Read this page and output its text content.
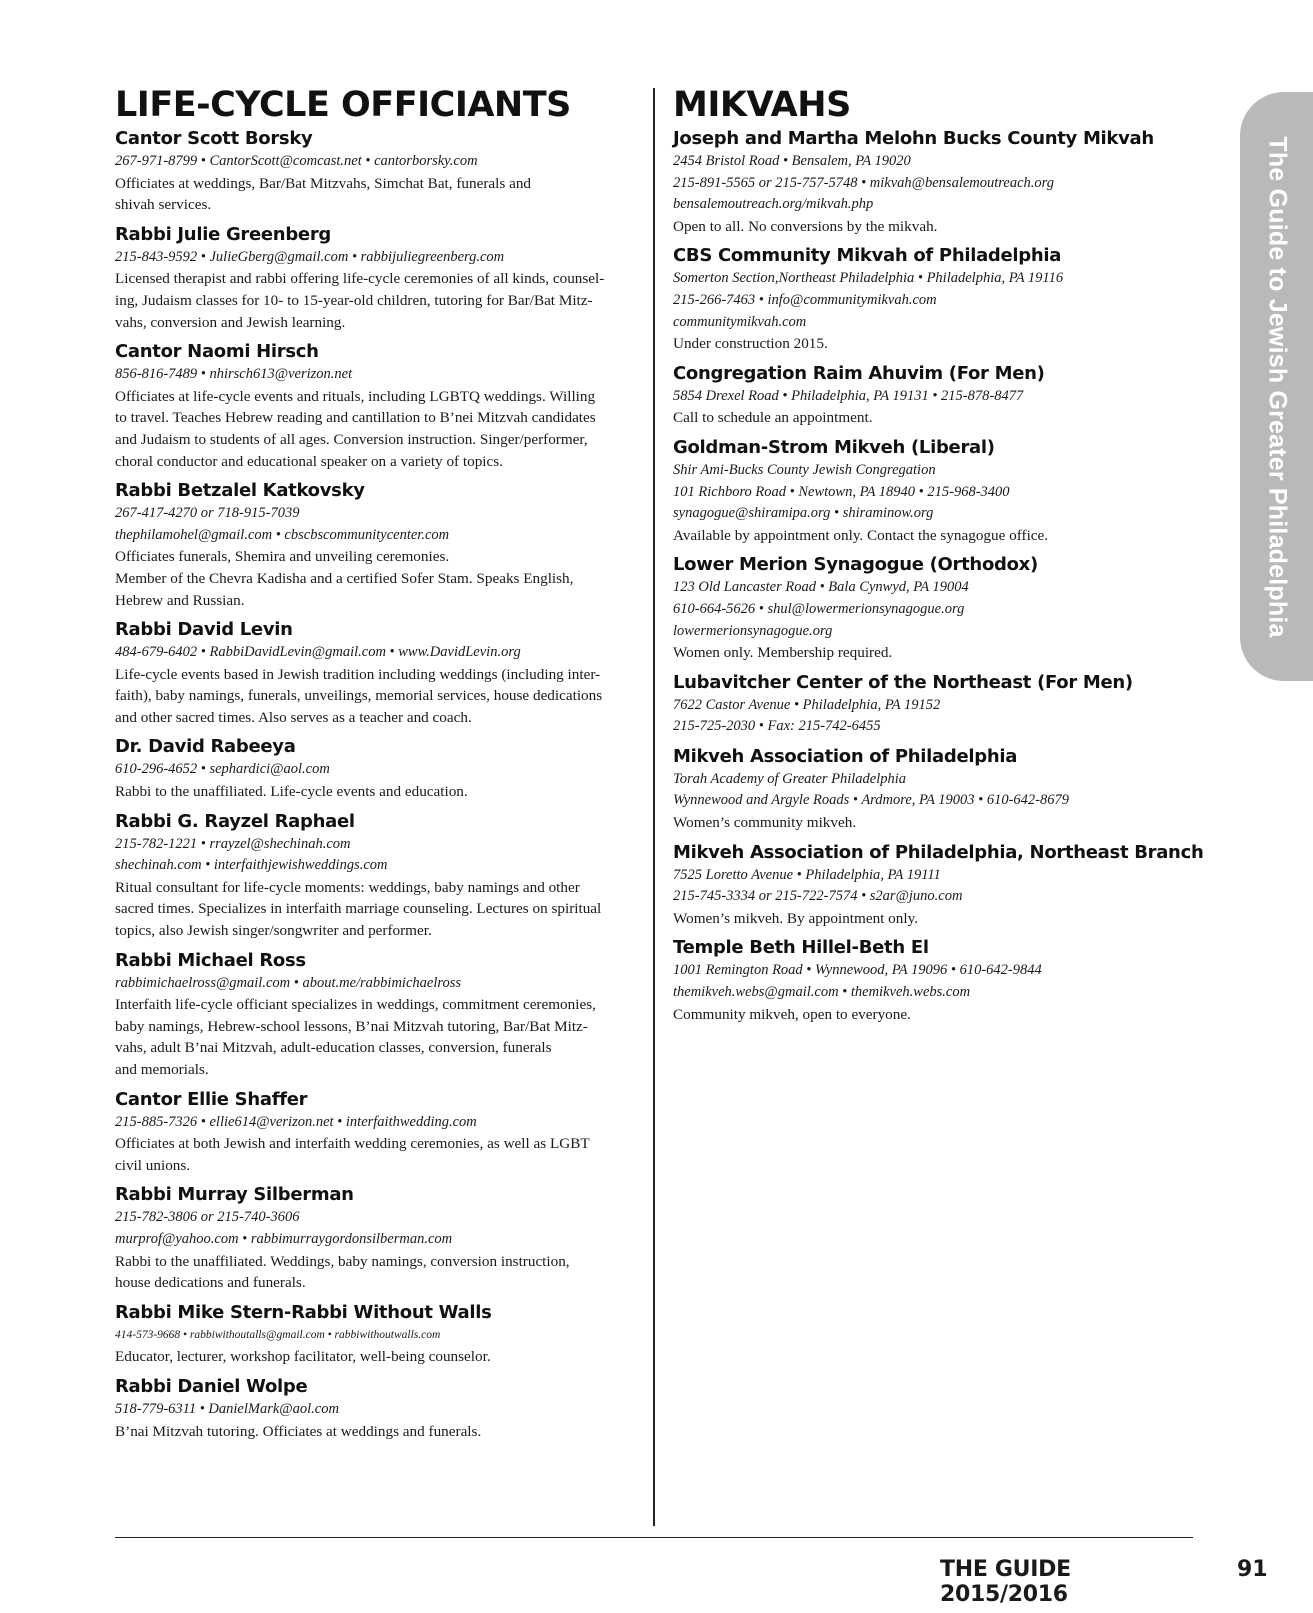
LIFE-CYCLE OFFICIANTS
Cantor Scott Borsky
267-971-8799 • CantorScott@comcast.net • cantorborsky.com
Officiates at weddings, Bar/Bat Mitzvahs, Simchat Bat, funerals and
shivah services.
Rabbi Julie Greenberg
215-843-9592 • JulieGberg@gmail.com • rabbijuliegreenberg.com
Licensed therapist and rabbi offering life-cycle ceremonies of all kinds, counsel-
ing, Judaism classes for 10- to 15-year-old children, tutoring for Bar/Bat Mitz-
vahs, conversion and Jewish learning.
Cantor Naomi Hirsch
856-816-7489 • nhirsch613@verizon.net
Officiates at life-cycle events and rituals, including LGBTQ weddings. Willing
to travel. Teaches Hebrew reading and cantillation to B’nei Mitzvah candidates
and Judaism to students of all ages. Conversion instruction. Singer/performer,
choral conductor and educational speaker on a variety of topics.
Rabbi Betzalel Katkovsky
267-417-4270 or 718-915-7039
thephilamohel@gmail.com • cbscbscommunitycenter.com
Officiates funerals, Shemira and unveiling ceremonies.
Member of the Chevra Kadisha and a certified Sofer Stam. Speaks English,
Hebrew and Russian.
Rabbi David Levin
484-679-6402 • RabbiDavidLevin@gmail.com • www.DavidLevin.org
Life-cycle events based in Jewish tradition including weddings (including inter-
faith), baby namings, funerals, unveilings, memorial services, house dedications
and other sacred times. Also serves as a teacher and coach.
Dr. David Rabeeya
610-296-4652 • sephardici@aol.com
Rabbi to the unaffiliated. Life-cycle events and education.
Rabbi G. Rayzel Raphael
215-782-1221 • rrayzel@shechinah.com
shechinah.com • interfaithjewishweddings.com
Ritual consultant for life-cycle moments: weddings, baby namings and other
sacred times. Specializes in interfaith marriage counseling. Lectures on spiritual
topics, also Jewish singer/songwriter and performer.
Rabbi Michael Ross
rabbimichaelross@gmail.com • about.me/rabbimichaelross
Interfaith life-cycle officiant specializes in weddings, commitment ceremonies,
baby namings, Hebrew-school lessons, B’nai Mitzvah tutoring, Bar/Bat Mitz-
vahs, adult B’nai Mitzvah, adult-education classes, conversion, funerals
and memorials.
Cantor Ellie Shaffer
215-885-7326 • ellie614@verizon.net • interfaithwedding.com
Officiates at both Jewish and interfaith wedding ceremonies, as well as LGBT
civil unions.
Rabbi Murray Silberman
215-782-3806 or 215-740-3606
murprof@yahoo.com • rabbimurraygordonsilberman.com
Rabbi to the unaffiliated. Weddings, baby namings, conversion instruction,
house dedications and funerals.
Rabbi Mike Stern-Rabbi Without Walls
414-573-9668 • rabbiwithoutalls@gmail.com • rabbiwithoutwalls.com
Educator, lecturer, workshop facilitator, well-being counselor.
Rabbi Daniel Wolpe
518-779-6311 • DanielMark@aol.com
B’nai Mitzvah tutoring. Officiates at weddings and funerals.
MIKVAHS
Joseph and Martha Melohn Bucks County Mikvah
2454 Bristol Road • Bensalem, PA 19020
215-891-5565 or 215-757-5748 • mikvah@bensalemoutreach.org
bensalemoutreach.org/mikvah.php
Open to all. No conversions by the mikvah.
CBS Community Mikvah of Philadelphia
Somerton Section,Northeast Philadelphia • Philadelphia, PA 19116
215-266-7463 • info@communitymikvah.com
communitymikvah.com
Under construction 2015.
Congregation Raim Ahuvim (For Men)
5854 Drexel Road • Philadelphia, PA 19131 • 215-878-8477
Call to schedule an appointment.
Goldman-Strom Mikveh (Liberal)
Shir Ami-Bucks County Jewish Congregation
101 Richboro Road • Newtown, PA 18940 • 215-968-3400
synagogue@shiramipa.org • shiraminow.org
Available by appointment only. Contact the synagogue office.
Lower Merion Synagogue (Orthodox)
123 Old Lancaster Road • Bala Cynwyd, PA 19004
610-664-5626 • shul@lowermerionsynagogue.org
lowermerionsynagogue.org
Women only. Membership required.
Lubavitcher Center of the Northeast (For Men)
7622 Castor Avenue • Philadelphia, PA 19152
215-725-2030 • Fax: 215-742-6455
Mikveh Association of Philadelphia
Torah Academy of Greater Philadelphia
Wynnewood and Argyle Roads • Ardmore, PA 19003 • 610-642-8679
Women’s community mikveh.
Mikveh Association of Philadelphia, Northeast Branch
7525 Loretto Avenue • Philadelphia, PA 19111
215-745-3334 or 215-722-7574 • s2ar@juno.com
Women’s mikveh. By appointment only.
Temple Beth Hillel-Beth El
1001 Remington Road • Wynnewood, PA 19096 • 610-642-9844
themikveh.webs@gmail.com • themikveh.webs.com
Community mikveh, open to everyone.
The Guide to Jewish Greater Philadelphia
THE GUIDE 2015/2016
91
